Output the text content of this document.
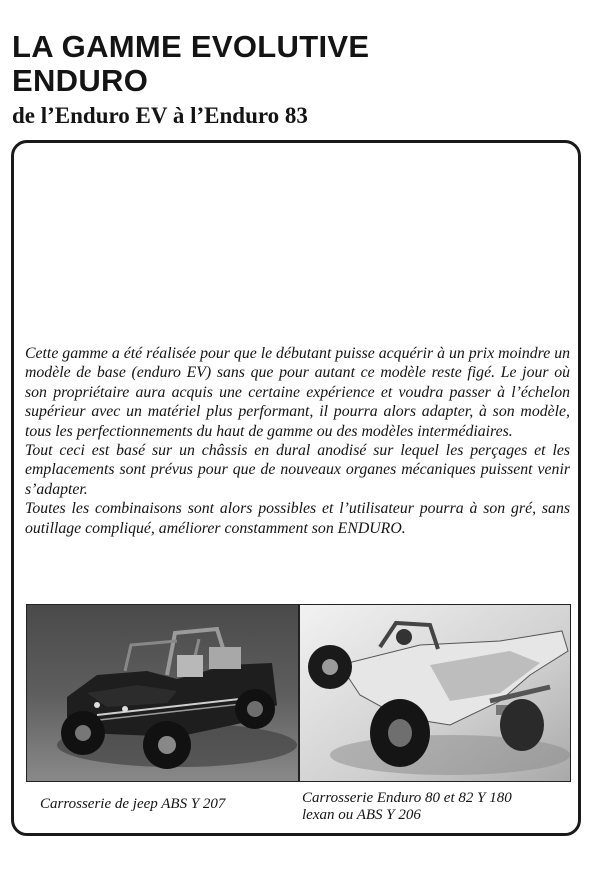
LA GAMME EVOLUTIVE
ENDURO
de l’Enduro EV à l’Enduro 83

Cette gamme a été réalisée pour que le débutant puisse acquérir à un prix moindre un modèle de base (enduro EV) sans que pour autant ce modèle reste figé. Le jour où son propriétaire aura acquis une certaine expérience et voudra passer à l’échelon supérieur avec un matériel plus performant, il pourra alors adapter, à son modèle, tous les perfectionnements du haut de gamme ou des modèles intermédiaires.

Tout ceci est basé sur un châssis en dural anodisé sur lequel les perçages et les emplacements sont prévus pour que de nouveaux organes mécaniques puissent venir s’adapter.

Toutes les combinaisons sont alors possibles et l’utilisateur pourra à son gré, sans outillage compliqué, améliorer constamment son ENDURO.

Carrosserie de jeep ABS Y 207	Carrosserie Enduro 80 et 82 Y 180
lexan ou ABS Y 206
